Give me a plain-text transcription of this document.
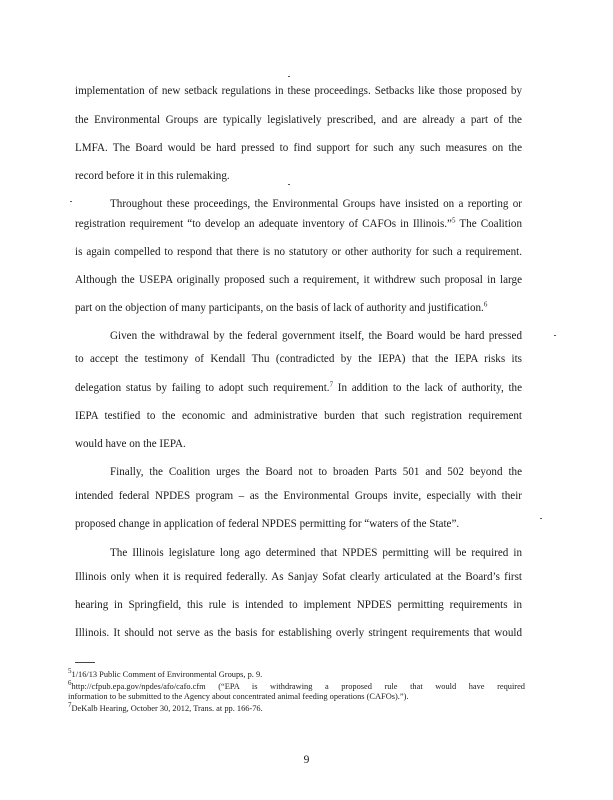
implementation of new setback regulations in these proceedings. Setbacks like those proposed by
the Environmental Groups are typically legislatively prescribed, and are already a part of the
LMFA. The Board would be hard pressed to find support for such any such measures on the
record before it in this rulemaking.
Throughout these proceedings, the Environmental Groups have insisted on a reporting or
registration requirement “to develop an adequate inventory of CAFOs in Illinois.”$^5$ The Coalition
is again compelled to respond that there is no statutory or other authority for such a requirement.
Although the USEPA originally proposed such a requirement, it withdrew such proposal in large
part on the objection of many participants, on the basis of lack of authority and justification.$^6$
Given the withdrawal by the federal government itself, the Board would be hard pressed
to accept the testimony of Kendall Thu (contradicted by the IEPA) that the IEPA risks its
delegation status by failing to adopt such requirement.$^7$ In addition to the lack of authority, the
IEPA testified to the economic and administrative burden that such registration requirement
would have on the IEPA.
Finally, the Coalition urges the Board not to broaden Parts 501 and 502 beyond the
intended federal NPDES program – as the Environmental Groups invite, especially with their
proposed change in application of federal NPDES permitting for “waters of the State”.
The Illinois legislature long ago determined that NPDES permitting will be required in
Illinois only when it is required federally. As Sanjay Sofat clearly articulated at the Board’s first
hearing in Springfield, this rule is intended to implement NPDES permitting requirements in
Illinois. It should not serve as the basis for establishing overly stringent requirements that would
$^5$1/16/13 Public Comment of Environmental Groups, p. 9.
$^6$http://cfpub.epa.gov/npdes/afo/cafo.cfm (“EPA is withdrawing a proposed rule that would have required
information to be submitted to the Agency about concentrated animal feeding operations (CAFOs).”).
$^7$DeKalb Hearing, October 30, 2012, Trans. at pp. 166-76.
9
